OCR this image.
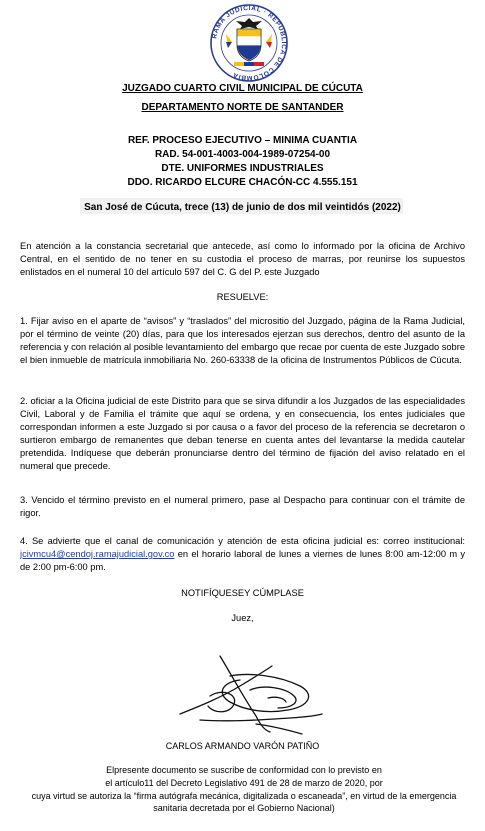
RAMA JUDICIAL · REPÚBLICA DE COLOMBIA
JUZGADO CUARTO CIVIL MUNICIPAL DE CÚCUTA
DEPARTAMENTO NORTE DE SANTANDER
REF. PROCESO EJECUTIVO – MINIMA CUANTIA
RAD. 54-001-4003-004-1989-07254-00
DTE. UNIFORMES INDUSTRIALES
DDO. RICARDO ELCURE CHACÓN-CC 4.555.151
San José de Cúcuta, trece (13) de junio de dos mil veintidós (2022)
En atención a la constancia secretarial que antecede, así como lo informado por la oficina de Archivo Central, en el sentido de no tener en su custodia el proceso de marras, por reunirse los supuestos enlistados en el numeral 10 del artículo 597 del C. G del P. este Juzgado
RESUELVE:
1. Fijar aviso en el aparte de “avisos” y “traslados” del micrositio del Juzgado, página de la Rama Judicial, por el término de veinte (20) días, para que los interesados ejerzan sus derechos, dentro del asunto de la referencia y con relación al posible levantamiento del embargo que recae por cuenta de este Juzgado sobre el bien inmueble de matrícula inmobiliaria No. 260-63338 de la oficina de Instrumentos Públicos de Cúcuta.
2. oficiar a la Oficina judicial de este Distrito para que se sirva difundir a los Juzgados de las especialidades Civil, Laboral y de Familia el trámite que aquí se ordena, y en consecuencia, los entes judiciales que correspondan informen a este Juzgado si por causa o a favor del proceso de la referencia se decretaron o surtieron embargo de remanentes que deban tenerse en cuenta antes del levantarse la medida cautelar pretendida. Indíquese que deberán pronunciarse dentro del término de fijación del aviso relatado en el numeral que precede.
3. Vencido el término previsto en el numeral primero, pase al Despacho para continuar con el trámite de rigor.
4. Se advierte que el canal de comunicación y atención de esta oficina judicial es: correo institucional: jcivmcu4@cendoj.ramajudicial.gov.co en el horario laboral de lunes a viernes de lunes 8:00 am-12:00 m y de 2:00 pm-6:00 pm.
NOTIFÍQUESEY CÚMPLASE
Juez,
CARLOS ARMANDO VARÓN PATIÑO
Elpresente documento se suscribe de conformidad con lo previsto en
el artículo11 del Decreto Legislativo 491 de 28 de marzo de 2020, por
cuya virtud se autoriza la “firma autógrafa mecánica, digitalizada o escaneada”, en virtud de la emergencia
sanitaria decretada por el Gobierno Nacional)
